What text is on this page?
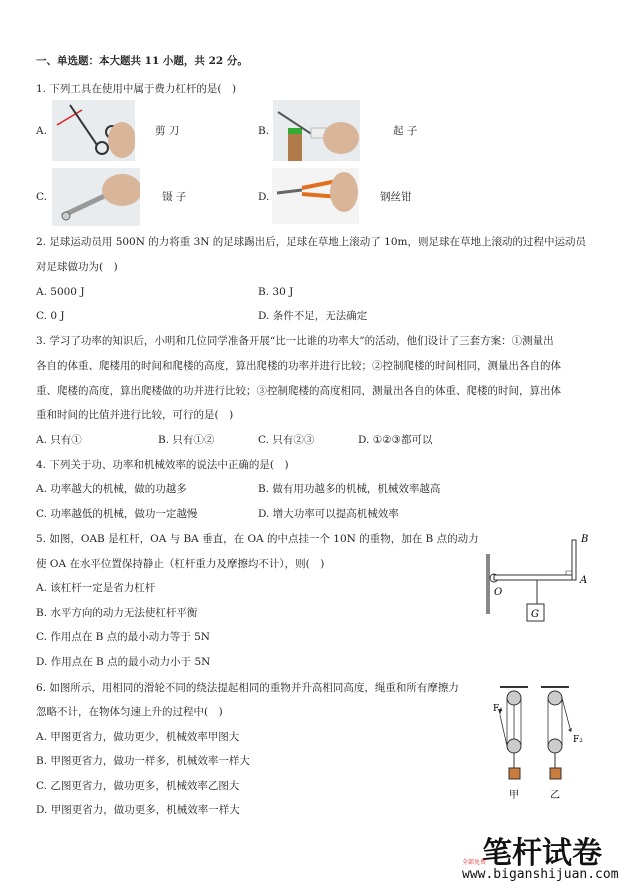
一、单选题：本大题共 11 小题，共 22 分。
1. 下列工具在使用中属于费力杠杆的是(　)
A.	剪 刀	B.	起 子
C.	镊 子	D.	钢丝钳
2. 足球运动员用 500N 的力将重 3N 的足球踢出后，足球在草地上滚动了 10m，则足球在草地上滚动的过程中运动员
对足球做功为(　)
A. 5000 J	B. 30 J
C. 0 J	D. 条件不足，无法确定
3. 学习了功率的知识后，小明和几位同学准备开展“比一比谁的功率大”的活动，他们设计了三套方案：①测量出
各自的体重、爬楼用的时间和爬楼的高度，算出爬楼的功率并进行比较；②控制爬楼的时间相同，测量出各自的体
重、爬楼的高度，算出爬楼做的功并进行比较；③控制爬楼的高度相同，测量出各自的体重、爬楼的时间，算出体
重和时间的比值并进行比较，可行的是(　)
A. 只有①	B. 只有①②	C. 只有②③	D. ①②③都可以
4. 下列关于功、功率和机械效率的说法中正确的是(　)
A. 功率越大的机械，做的功越多	B. 做有用功越多的机械，机械效率越高
C. 功率越低的机械，做功一定越慢	D. 增大功率可以提高机械效率
5. 如图，OAB 是杠杆，OA 与 BA 垂直，在 OA 的中点挂一个 10N 的重物，加在 B 点的动力
使 OA 在水平位置保持静止（杠杆重力及摩擦均不计），则(　)
A. 该杠杆一定是省力杠杆
B. 水平方向的动力无法使杠杆平衡
C. 作用点在 B 点的最小动力等于 5N
D. 作用点在 B 点的最小动力小于 5N
B
A
O
G
6. 如图所示，用相同的滑轮不同的绕法提起相同的重物并升高相同高度，绳重和所有摩擦力
忽略不计，在物体匀速上升的过程中(　)
A. 甲图更省力，做功更少，机械效率甲图大
B. 甲图更省力，做功一样多，机械效率一样大
C. 乙图更省力，做功更多，机械效率乙图大
D. 甲图更省力，做功更多，机械效率一样大
F₁
F₂
甲	乙
笔杆试卷
全部免费
www.biganshijuan.com
